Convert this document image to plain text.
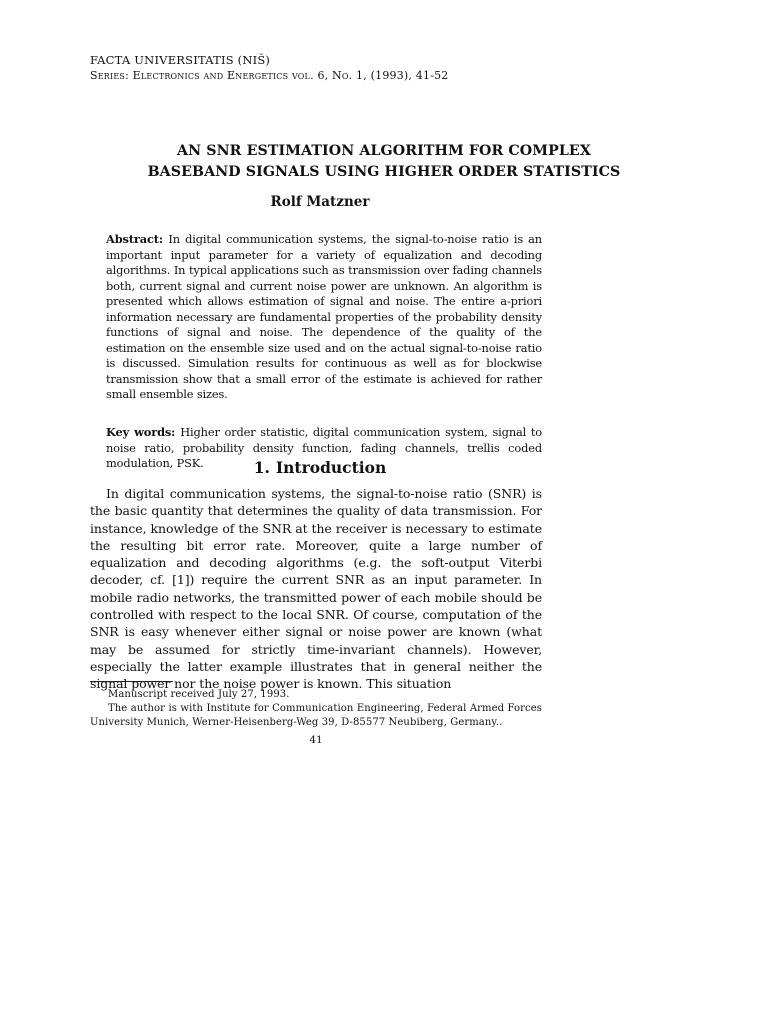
FACTA UNIVERSITATIS (NIŠ)
Series: Electronics and Energetics vol. 6, No. 1, (1993), 41-52
AN SNR ESTIMATION ALGORITHM FOR COMPLEX
BASEBAND SIGNALS USING HIGHER ORDER STATISTICS
Rolf Matzner
Abstract: In digital communication systems, the signal-to-noise ratio is an important input parameter for a variety of equalization and decoding algorithms. In typical applications such as transmission over fading channels both, current signal and current noise power are unknown. An algorithm is presented which allows estimation of signal and noise. The entire a-priori information necessary are fundamental properties of the probability density functions of signal and noise. The dependence of the quality of the estimation on the ensemble size used and on the actual signal-to-noise ratio is discussed. Simulation results for continuous as well as for blockwise transmission show that a small error of the estimate is achieved for rather small ensemble sizes.
Key words: Higher order statistic, digital communication system, signal to noise ratio, probability density function, fading channels, trellis coded modulation, PSK.	1. Introduction

In digital communication systems, the signal-to-noise ratio (SNR) is the basic quantity that determines the quality of data transmission. For instance, knowledge of the SNR at the receiver is necessary to estimate the resulting bit error rate. Moreover, quite a large number of equalization and decoding algorithms (e.g. the soft-output Viterbi decoder, cf. [1]) require the current SNR as an input parameter. In mobile radio networks, the transmitted power of each mobile should be controlled with respect to the local SNR. Of course, computation of the SNR is easy whenever either signal or noise power are known (what may be assumed for strictly time-invariant channels). However, especially the latter example illustrates that in general neither the signal power nor the noise power is known. This situation

Manuscript received July 27, 1993.

The author is with Institute for Communication Engineering, Federal Armed Forces University Munich, Werner-Heisenberg-Weg 39, D-85577 Neubiberg, Germany..

41
